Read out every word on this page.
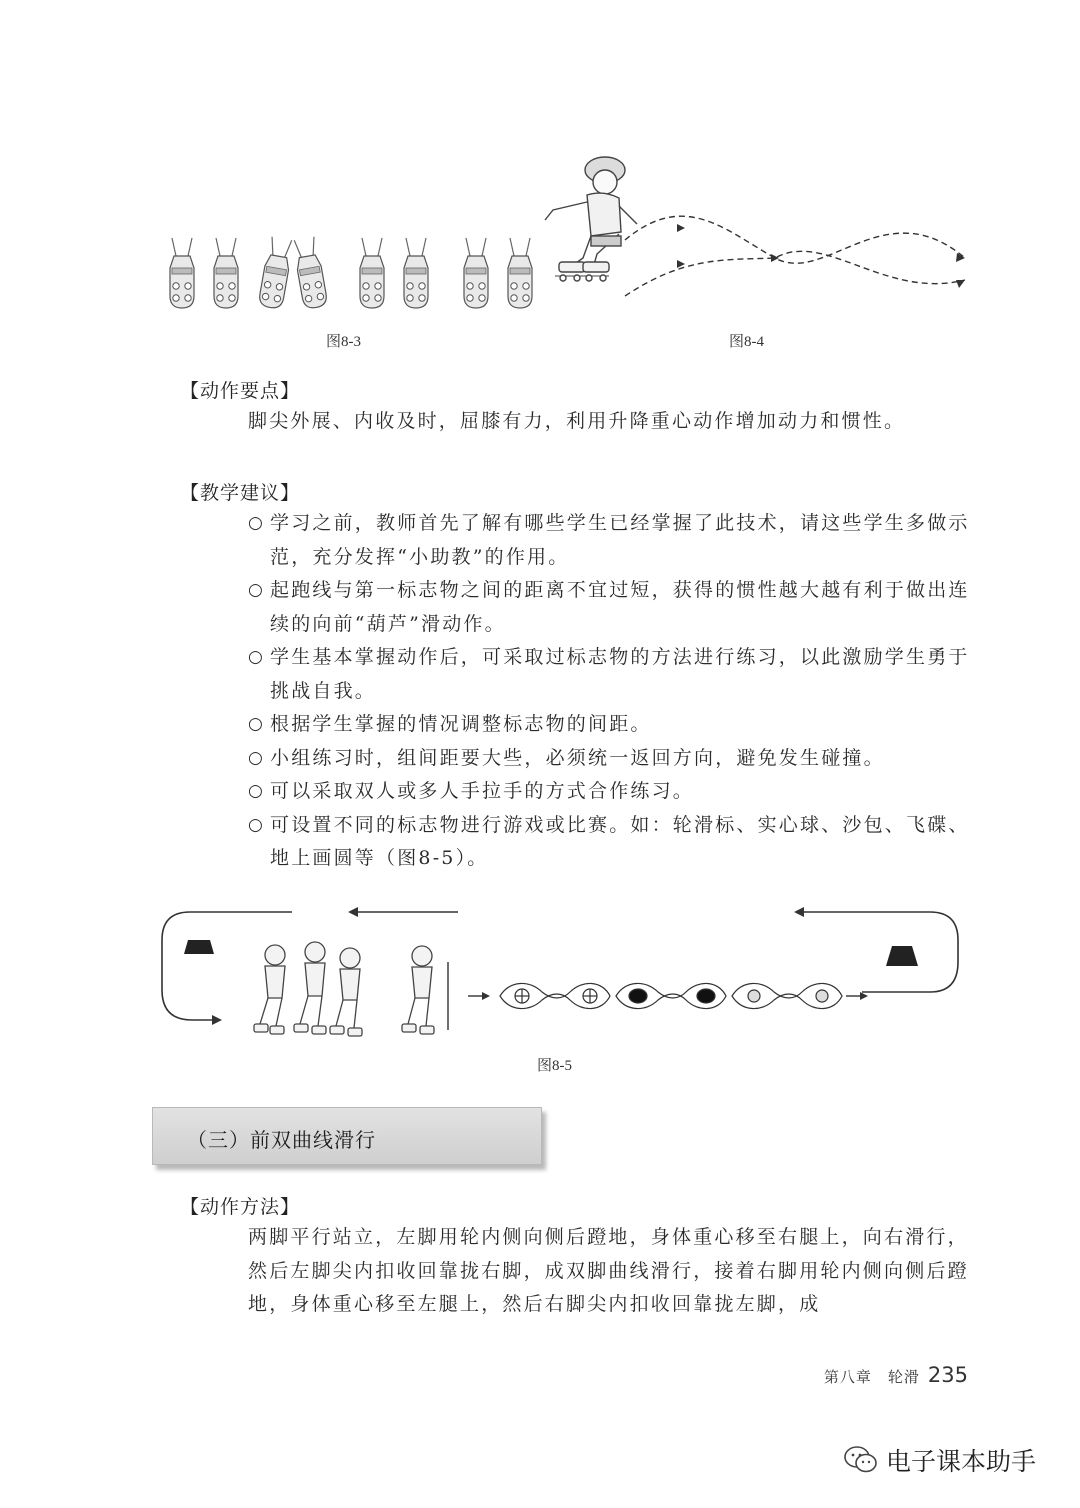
图8-3	图8-4
【动作要点】
脚尖外展、内收及时，屈膝有力，利用升降重心动作增加动力和惯性。
【教学建议】
○ 学习之前，教师首先了解有哪些学生已经掌握了此技术，请这些学生多做示范，充分发挥“小助教”的作用。
○ 起跑线与第一标志物之间的距离不宜过短，获得的惯性越大越有利于做出连续的向前“葫芦”滑动作。
○ 学生基本掌握动作后，可采取过标志物的方法进行练习，以此激励学生勇于挑战自我。
○ 根据学生掌握的情况调整标志物的间距。
○ 小组练习时，组间距要大些，必须统一返回方向，避免发生碰撞。
○ 可以采取双人或多人手拉手的方式合作练习。
○ 可设置不同的标志物进行游戏或比赛。如：轮滑标、实心球、沙包、飞碟、地上画圆等（图8-5）。
图8-5
（三）前双曲线滑行
【动作方法】
两脚平行站立，左脚用轮内侧向侧后蹬地，身体重心移至右腿上，向右滑行，然后左脚尖内扣收回靠拢右脚，成双脚曲线滑行，接着右脚用轮内侧向侧后蹬地，身体重心移至左腿上，然后右脚尖内扣收回靠拢左脚，成
第八章　轮滑 235
电子课本助手
